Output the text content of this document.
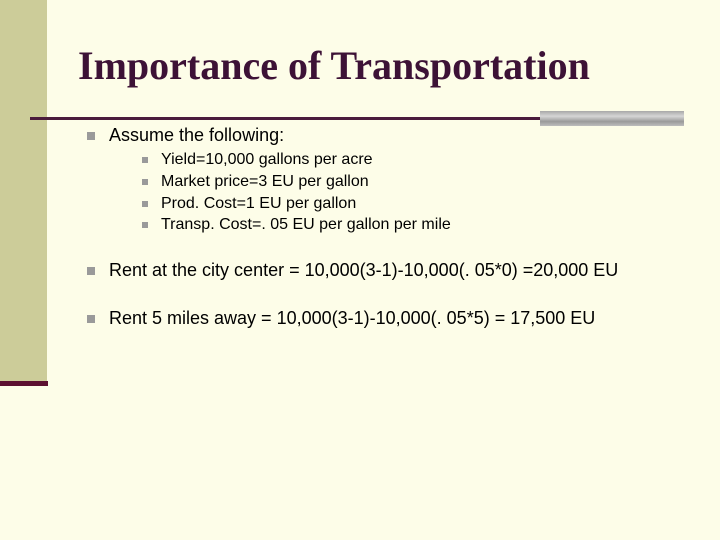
Importance of Transportation
Assume the following:
Yield=10,000 gallons per acre
Market price=3 EU per gallon
Prod. Cost=1 EU per gallon
Transp. Cost=. 05 EU per gallon per mile
Rent at the city center = 10,000(3-1)-10,000(. 05*0) =20,000 EU
Rent 5 miles away = 10,000(3-1)-10,000(. 05*5) = 17,500 EU
